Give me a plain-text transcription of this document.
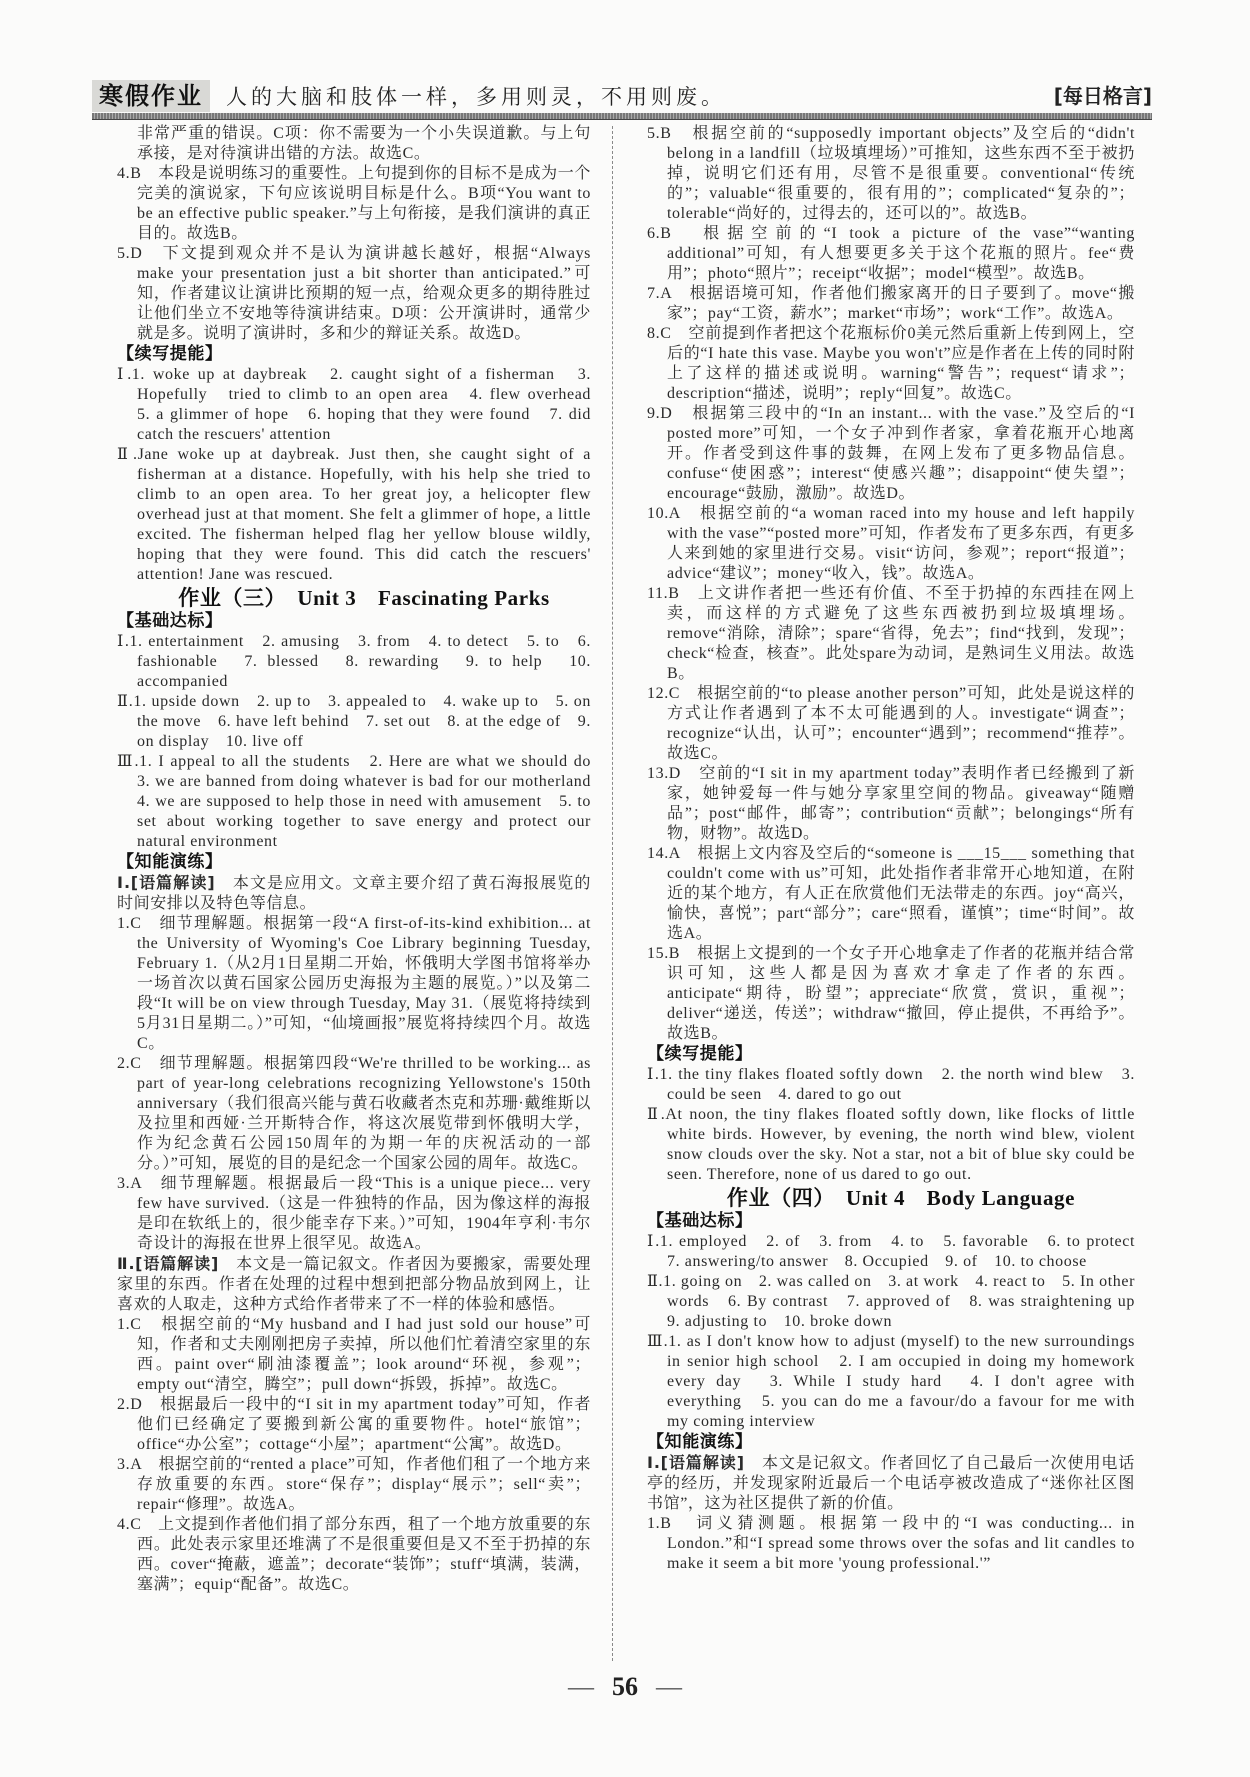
寒假作业	人的大脑和肢体一样，多用则灵，不用则废。	[每日格言]
非常严重的错误。C项：你不需要为一个小失误道歉。与上句承接，是对待演讲出错的方法。故选C。
4.B　本段是说明练习的重要性。上句提到你的目标不是成为一个完美的演说家，下句应该说明目标是什么。B项“You want to be an effective public speaker.”与上句衔接，是我们演讲的真正目的。故选B。
5.D　下文提到观众并不是认为演讲越长越好，根据“Always make your presentation just a bit shorter than anticipated.”可知，作者建议让演讲比预期的短一点，给观众更多的期待胜过让他们坐立不安地等待演讲结束。D项：公开演讲时，通常少就是多。说明了演讲时，多和少的辩证关系。故选D。
【续写提能】
Ⅰ.1. woke up at daybreak　2. caught sight of a fisherman　3. Hopefully　tried to climb to an open area　4. flew overhead　5. a glimmer of hope　6. hoping that they were found　7. did catch the rescuers' attention
Ⅱ.Jane woke up at daybreak. Just then, she caught sight of a fisherman at a distance. Hopefully, with his help she tried to climb to an open area. To her great joy, a helicopter flew overhead just at that moment. She felt a glimmer of hope, a little excited. The fisherman helped flag her yellow blouse wildly, hoping that they were found. This did catch the rescuers' attention! Jane was rescued.
作业（三）　Unit 3　Fascinating Parks
【基础达标】
Ⅰ.1. entertainment　2. amusing　3. from　4. to detect　5. to　6. fashionable　7. blessed　8. rewarding　9. to help　10. accompanied
Ⅱ.1. upside down　2. up to　3. appealed to　4. wake up to　5. on the move　6. have left behind　7. set out　8. at the edge of　9. on display　10. live off
Ⅲ.1. I appeal to all the students　2. Here are what we should do　3. we are banned from doing whatever is bad for our motherland　4. we are supposed to help those in need with amusement　5. to set about working together to save energy and protect our natural environment
【知能演练】
Ⅰ.[语篇解读]　本文是应用文。文章主要介绍了黄石海报展览的时间安排以及特色等信息。
1.C　细节理解题。根据第一段“A first-of-its-kind exhibition... at the University of Wyoming's Coe Library beginning Tuesday, February 1.（从2月1日星期二开始，怀俄明大学图书馆将举办一场首次以黄石国家公园历史海报为主题的展览。）”以及第二段“It will be on view through Tuesday, May 31.（展览将持续到5月31日星期二。）”可知，“仙境画报”展览将持续四个月。故选C。
2.C　细节理解题。根据第四段“We're thrilled to be working... as part of year-long celebrations recognizing Yellowstone's 150th anniversary（我们很高兴能与黄石收藏者杰克和苏珊·戴维斯以及拉里和西娅·兰开斯特合作，将这次展览带到怀俄明大学，作为纪念黄石公园150周年的为期一年的庆祝活动的一部分。）”可知，展览的目的是纪念一个国家公园的周年。故选C。
3.A　细节理解题。根据最后一段“This is a unique piece... very few have survived.（这是一件独特的作品，因为像这样的海报是印在软纸上的，很少能幸存下来。）”可知，1904年亨利·韦尔奇设计的海报在世界上很罕见。故选A。
Ⅱ.[语篇解读]　本文是一篇记叙文。作者因为要搬家，需要处理家里的东西。作者在处理的过程中想到把部分物品放到网上，让喜欢的人取走，这种方式给作者带来了不一样的体验和感悟。
1.C　根据空前的“My husband and I had just sold our house”可知，作者和丈夫刚刚把房子卖掉，所以他们忙着清空家里的东西。paint over“刷油漆覆盖”；look around“环视，参观”；empty out“清空，腾空”；pull down“拆毁，拆掉”。故选C。
2.D　根据最后一段中的“I sit in my apartment today”可知，作者他们已经确定了要搬到新公寓的重要物件。hotel“旅馆”；office“办公室”；cottage“小屋”；apartment“公寓”。故选D。
3.A　根据空前的“rented a place”可知，作者他们租了一个地方来存放重要的东西。store“保存”；display“展示”；sell“卖”；repair“修理”。故选A。
4.C　上文提到作者他们捐了部分东西，租了一个地方放重要的东西。此处表示家里还堆满了不是很重要但是又不至于扔掉的东西。cover“掩蔽，遮盖”；decorate“装饰”；stuff“填满，装满，塞满”；equip“配备”。故选C。
5.B　根据空前的“supposedly important objects”及空后的“didn't belong in a landfill（垃圾填埋场）”可推知，这些东西不至于被扔掉，说明它们还有用，尽管不是很重要。conventional“传统的”；valuable“很重要的，很有用的”；complicated“复杂的”；tolerable“尚好的，过得去的，还可以的”。故选B。
6.B　根据空前的“I took a picture of the vase”“wanting additional”可知，有人想要更多关于这个花瓶的照片。fee“费用”；photo“照片”；receipt“收据”；model“模型”。故选B。
7.A　根据语境可知，作者他们搬家离开的日子要到了。move“搬家”；pay“工资，薪水”；market“市场”；work“工作”。故选A。
8.C　空前提到作者把这个花瓶标价0美元然后重新上传到网上，空后的“I hate this vase. Maybe you won't”应是作者在上传的同时附上了这样的描述或说明。warning“警告”；request“请求”；description“描述，说明”；reply“回复”。故选C。
9.D　根据第三段中的“In an instant... with the vase.”及空后的“I posted more”可知，一个女子冲到作者家，拿着花瓶开心地离开。作者受到这件事的鼓舞，在网上发布了更多物品信息。confuse“使困惑”；interest“使感兴趣”；disappoint“使失望”；encourage“鼓励，激励”。故选D。
10.A　根据空前的“a woman raced into my house and left happily with the vase”“posted more”可知，作者发布了更多东西，有更多人来到她的家里进行交易。visit“访问，参观”；report“报道”；advice“建议”；money“收入，钱”。故选A。
11.B　上文讲作者把一些还有价值、不至于扔掉的东西挂在网上卖，而这样的方式避免了这些东西被扔到垃圾填埋场。remove“消除，清除”；spare“省得，免去”；find“找到，发现”；check“检查，核查”。此处spare为动词，是熟词生义用法。故选B。
12.C　根据空前的“to please another person”可知，此处是说这样的方式让作者遇到了本不太可能遇到的人。investigate“调查”；recognize“认出，认可”；encounter“遇到”；recommend“推荐”。故选C。
13.D　空前的“I sit in my apartment today”表明作者已经搬到了新家，她钟爱每一件与她分享家里空间的物品。giveaway“随赠品”；post“邮件，邮寄”；contribution“贡献”；belongings“所有物，财物”。故选D。
14.A　根据上文内容及空后的“someone is ___15___ something that couldn't come with us”可知，此处指作者非常开心地知道，在附近的某个地方，有人正在欣赏他们无法带走的东西。joy“高兴，愉快，喜悦”；part“部分”；care“照看，谨慎”；time“时间”。故选A。
15.B　根据上文提到的一个女子开心地拿走了作者的花瓶并结合常识可知，这些人都是因为喜欢才拿走了作者的东西。anticipate“期待，盼望”；appreciate“欣赏，赏识，重视”；deliver“递送，传送”；withdraw“撤回，停止提供，不再给予”。故选B。
【续写提能】
Ⅰ.1. the tiny flakes floated softly down　2. the north wind blew　3. could be seen　4. dared to go out
Ⅱ.At noon, the tiny flakes floated softly down, like flocks of little white birds. However, by evening, the north wind blew, violent snow clouds over the sky. Not a star, not a bit of blue sky could be seen. Therefore, none of us dared to go out.
作业（四）　Unit 4　Body Language
【基础达标】
Ⅰ.1. employed　2. of　3. from　4. to　5. favorable　6. to protect　7. answering/to answer　8. Occupied　9. of　10. to choose
Ⅱ.1. going on　2. was called on　3. at work　4. react to　5. In other words　6. By contrast　7. approved of　8. was straightening up　9. adjusting to　10. broke down
Ⅲ.1. as I don't know how to adjust (myself) to the new surroundings in senior high school　2. I am occupied in doing my homework every day　3. While I study hard　4. I don't agree with everything　5. you can do me a favour/do a favour for me with my coming interview
【知能演练】
Ⅰ.[语篇解读]　本文是记叙文。作者回忆了自己最后一次使用电话亭的经历，并发现家附近最后一个电话亭被改造成了“迷你社区图书馆”，这为社区提供了新的价值。
1.B　词义猜测题。根据第一段中的“I was conducting... in London.”和“I spread some throws over the sofas and lit candles to make it seem a bit more 'young professional.'”
— 56 —
